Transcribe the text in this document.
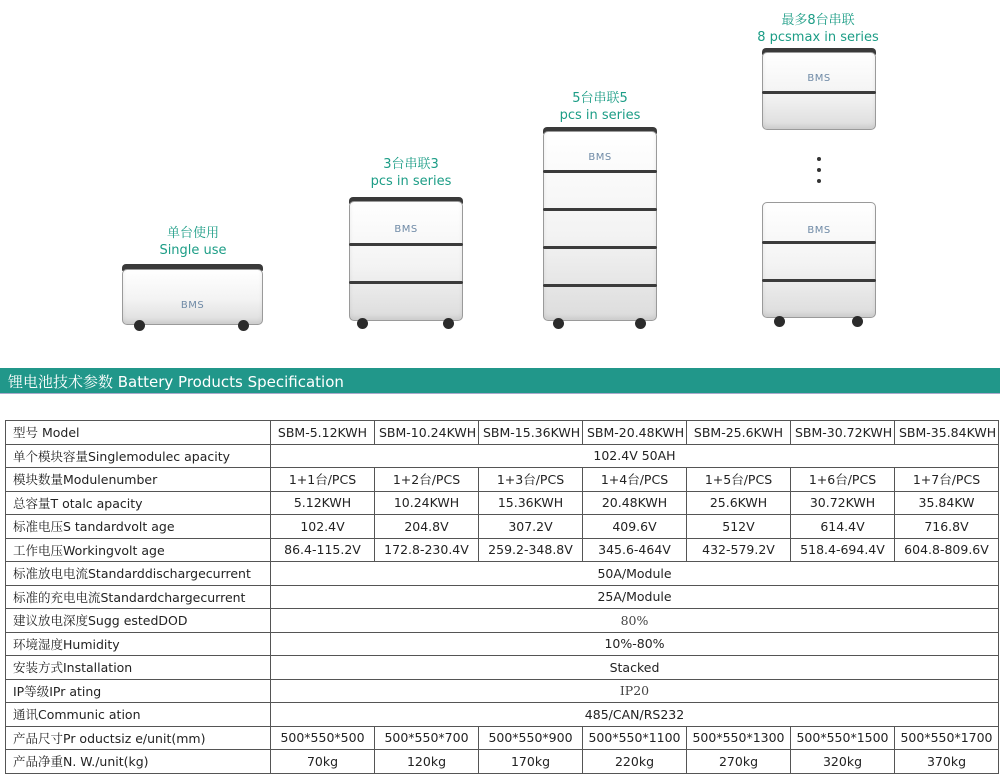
单台使用
Single use
BMS
3台串联3
pcs in series
BMS
5台串联5
pcs in series
BMS
最多8台串联
8 pcsmax in series
BMS
BMS
锂电池技术参数 Battery Products Specification
型号 Model	SBM-5.12KWH	SBM-10.24KWH	SBM-15.36KWH	SBM-20.48KWH	SBM-25.6KWH	SBM-30.72KWH	SBM-35.84KWH
单个模块容量Singlemodulec apacity	102.4V 50AH						
模块数量Modulenumber	1+1台/PCS	1+2台/PCS	1+3台/PCS	1+4台/PCS	1+5台/PCS	1+6台/PCS	1+7台/PCS
总容量T otalc apacity	5.12KWH	10.24KWH	15.36KWH	20.48KWH	25.6KWH	30.72KWH	35.84KW
标准电压S tandardvolt age	102.4V	204.8V	307.2V	409.6V	512V	614.4V	716.8V
工作电压Workingvolt age	86.4-115.2V	172.8-230.4V	259.2-348.8V	345.6-464V	432-579.2V	518.4-694.4V	604.8-809.6V
标准放电电流Standarddischargecurrent	50A/Module						
标准的充电电流Standardchargecurrent	25A/Module						
建议放电深度Sugg estedDOD	80%						
环境湿度Humidity	10%-80%						
安装方式Installation	Stacked						
IP等级IPr ating	IP20						
通讯Communic ation	485/CAN/RS232						
产品尺寸Pr oductsiz e/unit(mm)	500*550*500	500*550*700	500*550*900	500*550*1100	500*550*1300	500*550*1500	500*550*1700
产品净重N. W./unit(kg)	70kg	120kg	170kg	220kg	270kg	320kg	370kg
